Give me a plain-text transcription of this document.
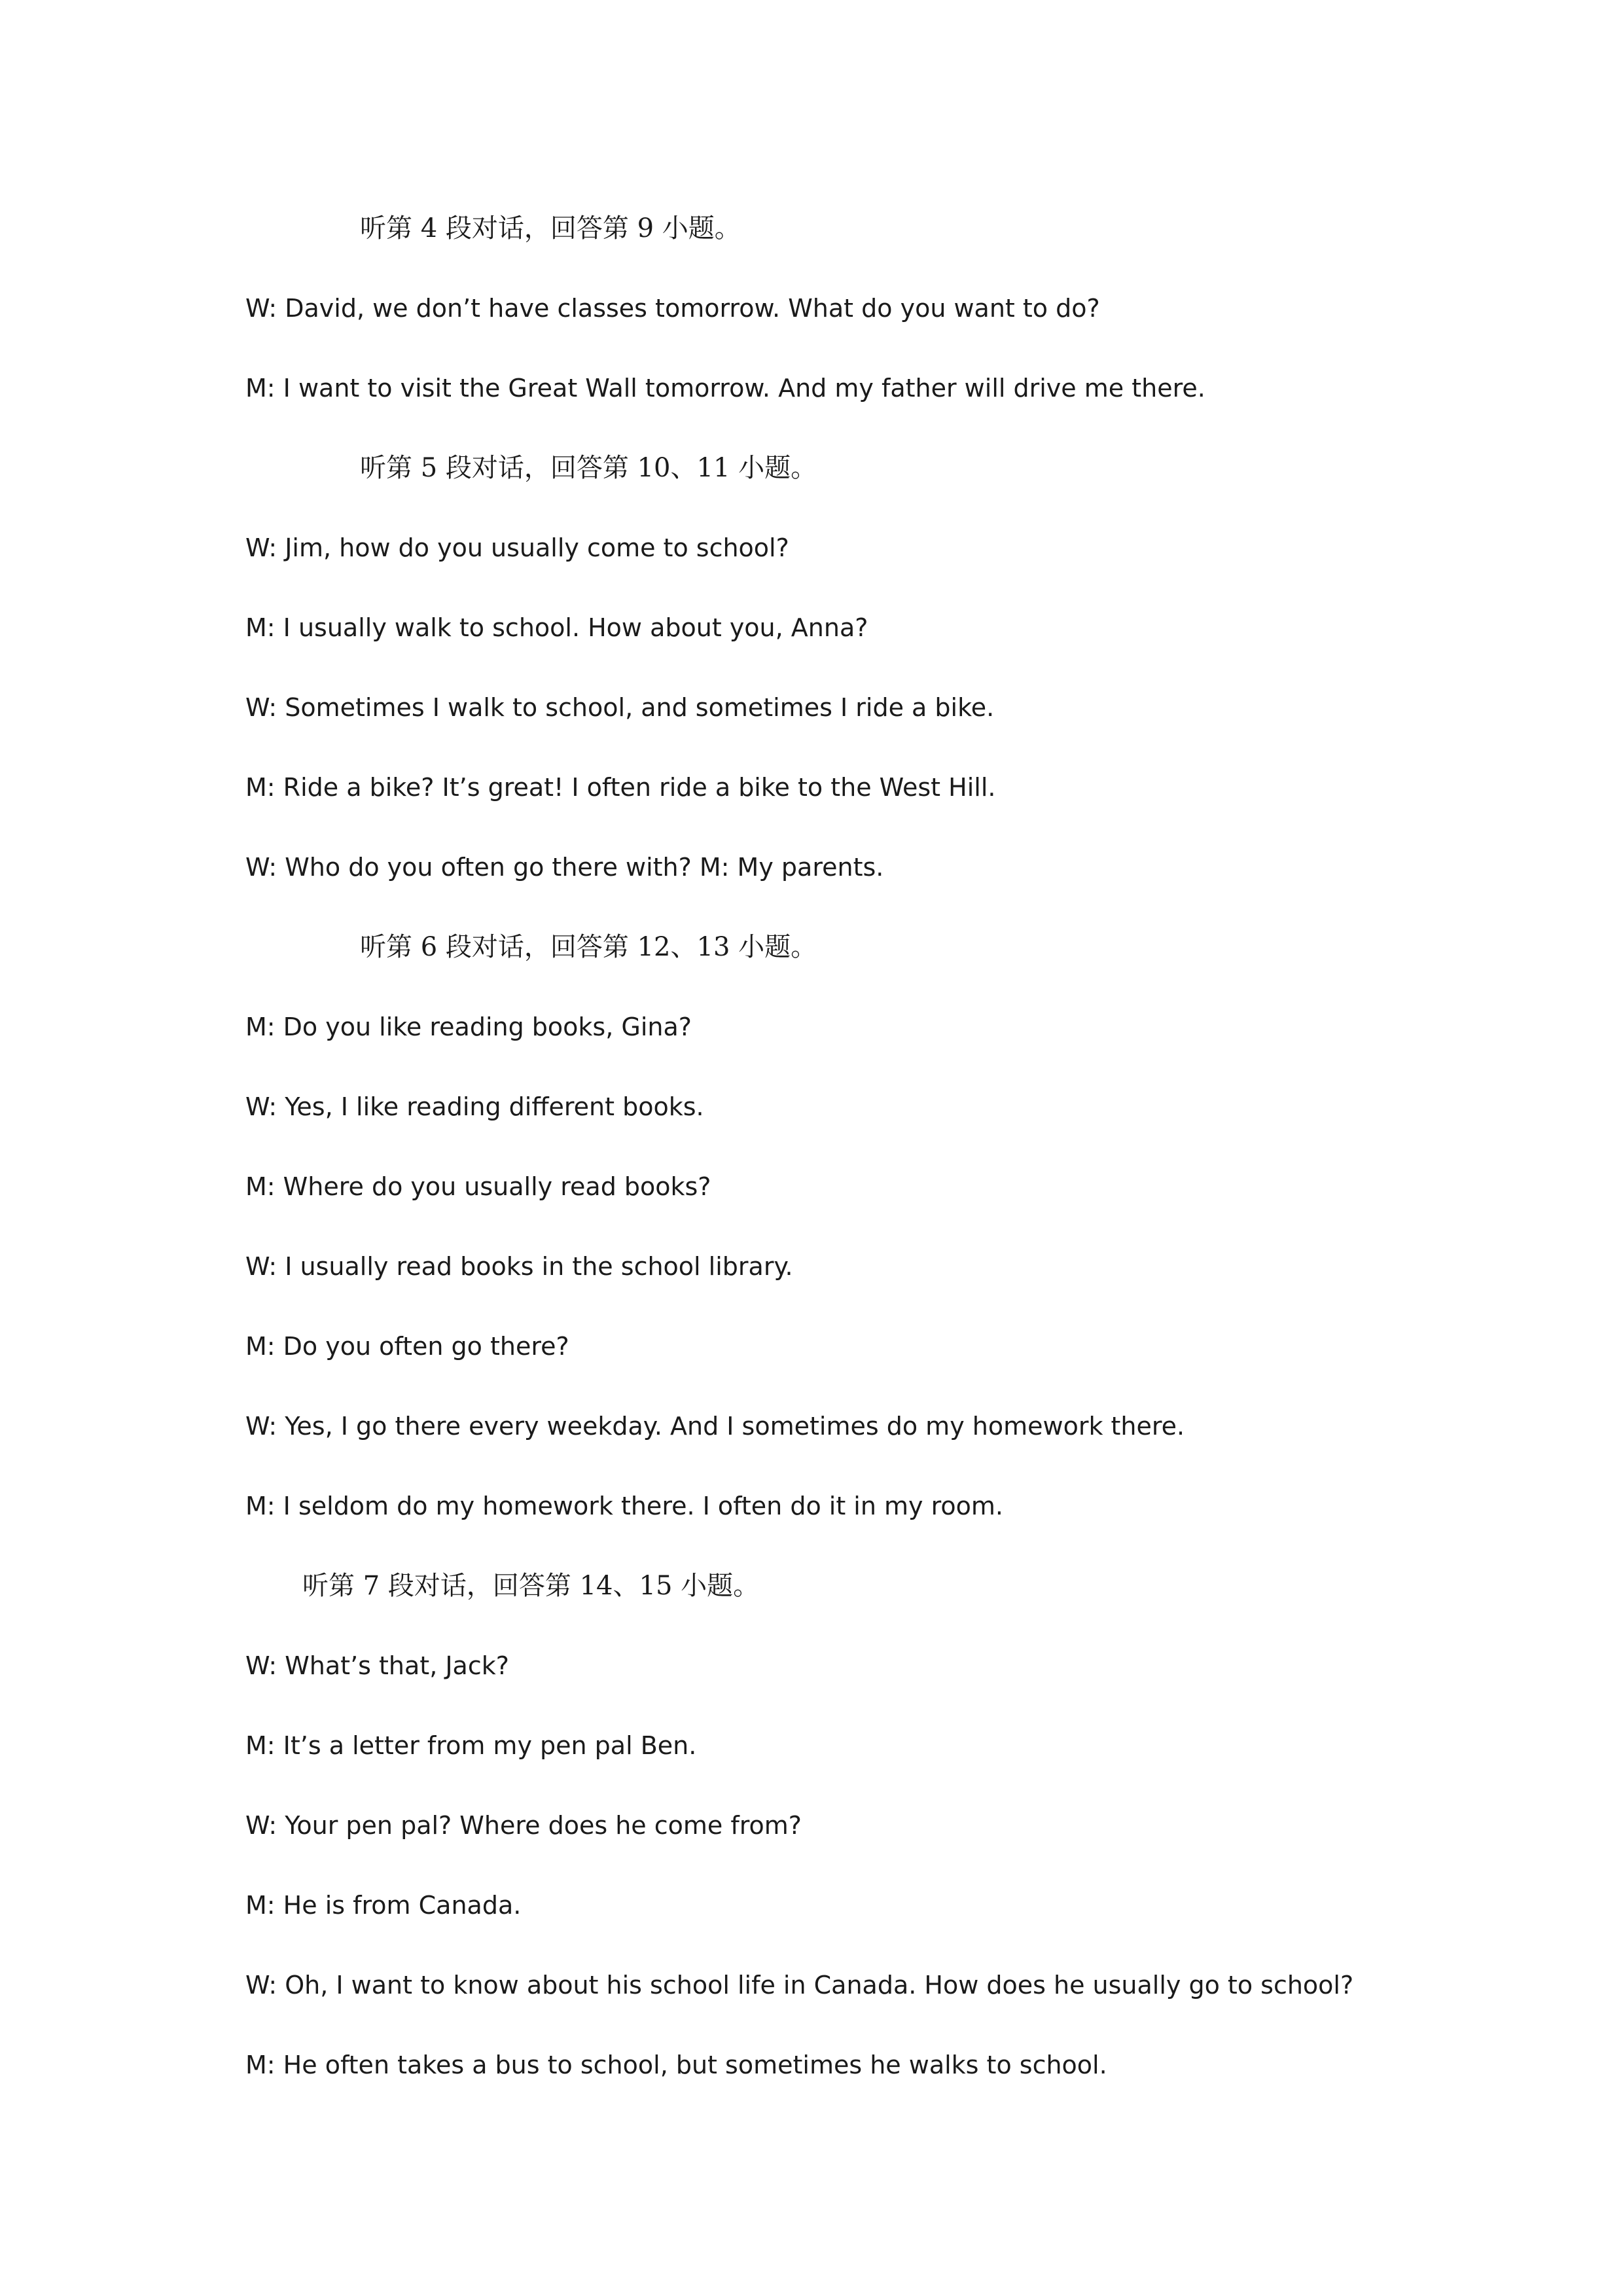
听第 4 段对话，回答第 9 小题。
W: David, we don’t have classes tomorrow. What do you want to do?
M: I want to visit the Great Wall tomorrow. And my father will drive me there.
听第 5 段对话，回答第 10、11 小题。
W: Jim, how do you usually come to school?
M: I usually walk to school. How about you, Anna?
W: Sometimes I walk to school, and sometimes I ride a bike.
M: Ride a bike? It’s great! I often ride a bike to the West Hill.
W: Who do you often go there with? M: My parents.
听第 6 段对话，回答第 12、13 小题。
M: Do you like reading books, Gina?
W: Yes, I like reading different books.
M: Where do you usually read books?
W: I usually read books in the school library.
M: Do you often go there?
W: Yes, I go there every weekday. And I sometimes do my homework there.
M: I seldom do my homework there. I often do it in my room.
听第 7 段对话，回答第 14、15 小题。
W: What’s that, Jack?
M: It’s a letter from my pen pal Ben.
W: Your pen pal? Where does he come from?
M: He is from Canada.
W: Oh, I want to know about his school life in Canada. How does he usually go to school?
M: He often takes a bus to school, but sometimes he walks to school.
